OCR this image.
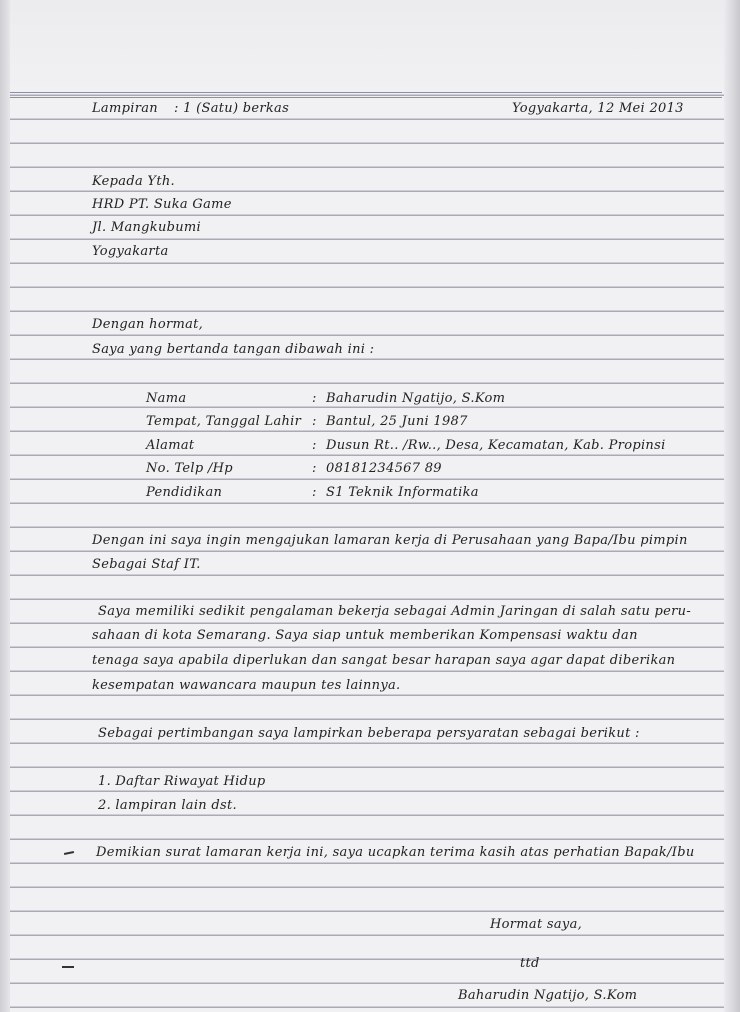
Lampiran : 1 (Satu) berkas	Yogyakarta, 12 Mei 2013
Kepada Yth.
HRD PT. Suka Game
Jl. Mangkubumi
Yogyakarta
Dengan hormat,
Saya yang bertanda tangan dibawah ini :
Nama	: Baharudin Ngatijo, S.Kom
Tempat, Tanggal Lahir : Bantul, 25 Juni 1987
Alamat	: Dusun Rt.. /Rw.., Desa, Kecamatan, Kab. Propinsi
No. Telp /Hp	: 08181234567 89
Pendidikan	: S1 Teknik Informatika
Dengan ini saya ingin mengajukan lamaran kerja di Perusahaan yang Bapa/Ibu pimpin
Sebagai Staf IT.
Saya memiliki sedikit pengalaman bekerja sebagai Admin Jaringan di salah satu peru-
sahaan di kota Semarang. Saya siap untuk memberikan Kompensasi waktu dan
tenaga saya apabila diperlukan dan sangat besar harapan saya agar dapat diberikan
kesempatan wawancara maupun tes lainnya.
Sebagai pertimbangan saya lampirkan beberapa persyaratan sebagai berikut :
1. Daftar Riwayat Hidup
2. lampiran lain dst.
Demikian surat lamaran kerja ini, saya ucapkan terima kasih atas perhatian Bapak/Ibu
Hormat saya,
ttd
Baharudin Ngatijo, S.Kom
